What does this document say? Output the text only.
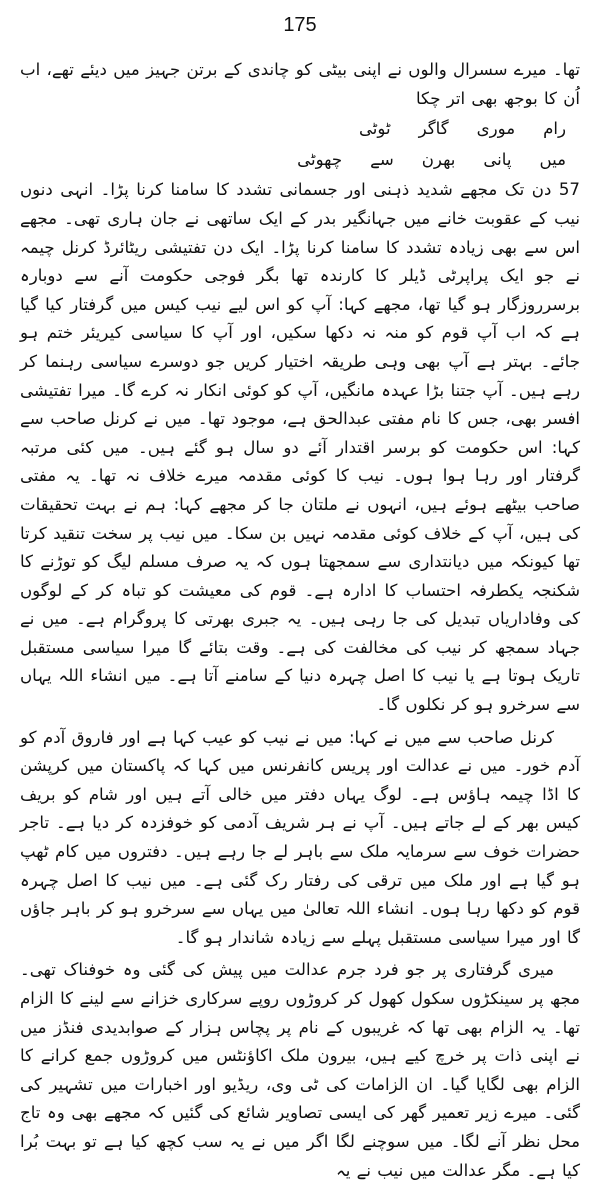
175

تھا۔ میرے سسرال والوں نے اپنی بیٹی کو چاندی کے برتن جہیز میں دیئے تھے، اب اُن کا بوجھ بھی اتر چکا

رامموریگاگرٹوٹی

میںپانیبھرنسےچھوٹی

57 دن تک مجھے شدید ذہنی اور جسمانی تشدد کا سامنا کرنا پڑا۔ انہی دنوں نیب کے عقوبت خانے میں جہانگیر بدر کے ایک ساتھی نے جان ہاری تھی۔ مجھے اس سے بھی زیادہ تشدد کا سامنا کرنا پڑا۔ ایک دن تفتیشی ریٹائرڈ کرنل چیمہ نے جو ایک پراپرٹی ڈیلر کا کارندہ تھا بگر فوجی حکومت آنے سے دوبارہ برسرروزگار ہو گیا تھا، مجھے کہا: آپ کو اس لیے نیب کیس میں گرفتار کیا گیا ہے کہ اب آپ قوم کو منہ نہ دکھا سکیں، اور آپ کا سیاسی کیریئر ختم ہو جائے۔ بہتر ہے آپ بھی وہی طریقہ اختیار کریں جو دوسرے سیاسی رہنما کر رہے ہیں۔ آپ جتنا بڑا عہدہ مانگیں، آپ کو کوئی انکار نہ کرے گا۔ میرا تفتیشی افسر بھی، جس کا نام مفتی عبدالحق ہے، موجود تھا۔ میں نے کرنل صاحب سے کہا: اس حکومت کو برسر اقتدار آئے دو سال ہو گئے ہیں۔ میں کئی مرتبہ گرفتار اور رہا ہوا ہوں۔ نیب کا کوئی مقدمہ میرے خلاف نہ تھا۔ یہ مفتی صاحب بیٹھے ہوئے ہیں، انہوں نے ملتان جا کر مجھے کہا: ہم نے بہت تحقیقات کی ہیں، آپ کے خلاف کوئی مقدمہ نہیں بن سکا۔ میں نیب پر سخت تنقید کرتا تھا کیونکہ میں دیانتداری سے سمجھتا ہوں کہ یہ صرف مسلم لیگ کو توڑنے کا شکنجہ یکطرفہ احتساب کا ادارہ ہے۔ قوم کی معیشت کو تباہ کر کے لوگوں کی وفاداریاں تبدیل کی جا رہی ہیں۔ یہ جبری بھرتی کا پروگرام ہے۔ میں نے جہاد سمجھ کر نیب کی مخالفت کی ہے۔ وقت بتائے گا میرا سیاسی مستقبل تاریک ہوتا ہے یا نیب کا اصل چہرہ دنیا کے سامنے آتا ہے۔ میں انشاء اللہ یہاں سے سرخرو ہو کر نکلوں گا۔

کرنل صاحب سے میں نے کہا: میں نے نیب کو عیب کہا ہے اور فاروق آدم کو آدم خور۔ میں نے عدالت اور پریس کانفرنس میں کہا کہ پاکستان میں کرپشن کا اڈا چیمہ ہاؤس ہے۔ لوگ یہاں دفتر میں خالی آتے ہیں اور شام کو بریف کیس بھر کے لے جاتے ہیں۔ آپ نے ہر شریف آدمی کو خوفزدہ کر دیا ہے۔ تاجر حضرات خوف سے سرمایہ ملک سے باہر لے جا رہے ہیں۔ دفتروں میں کام ٹھپ ہو گیا ہے اور ملک میں ترقی کی رفتار رک گئی ہے۔ میں نیب کا اصل چہرہ قوم کو دکھا رہا ہوں۔ انشاء اللہ تعالیٰ میں یہاں سے سرخرو ہو کر باہر جاؤں گا اور میرا سیاسی مستقبل پہلے سے زیادہ شاندار ہو گا۔

میری گرفتاری پر جو فرد جرم عدالت میں پیش کی گئی وہ خوفناک تھی۔ مجھ پر سینکڑوں سکول کھول کر کروڑوں روپے سرکاری خزانے سے لینے کا الزام تھا۔ یہ الزام بھی تھا کہ غریبوں کے نام پر پچاس ہزار کے صوابدیدی فنڈز میں نے اپنی ذات پر خرچ کیے ہیں، بیرون ملک اکاؤنٹس میں کروڑوں جمع کرانے کا الزام بھی لگایا گیا۔ ان الزامات کی ٹی وی، ریڈیو اور اخبارات میں تشہیر کی گئی۔ میرے زیر تعمیر گھر کی ایسی تصاویر شائع کی گئیں کہ مجھے بھی وہ تاج محل نظر آنے لگا۔ میں سوچنے لگا اگر میں نے یہ سب کچھ کیا ہے تو بہت بُرا کیا ہے۔ مگر عدالت میں نیب نے یہ
